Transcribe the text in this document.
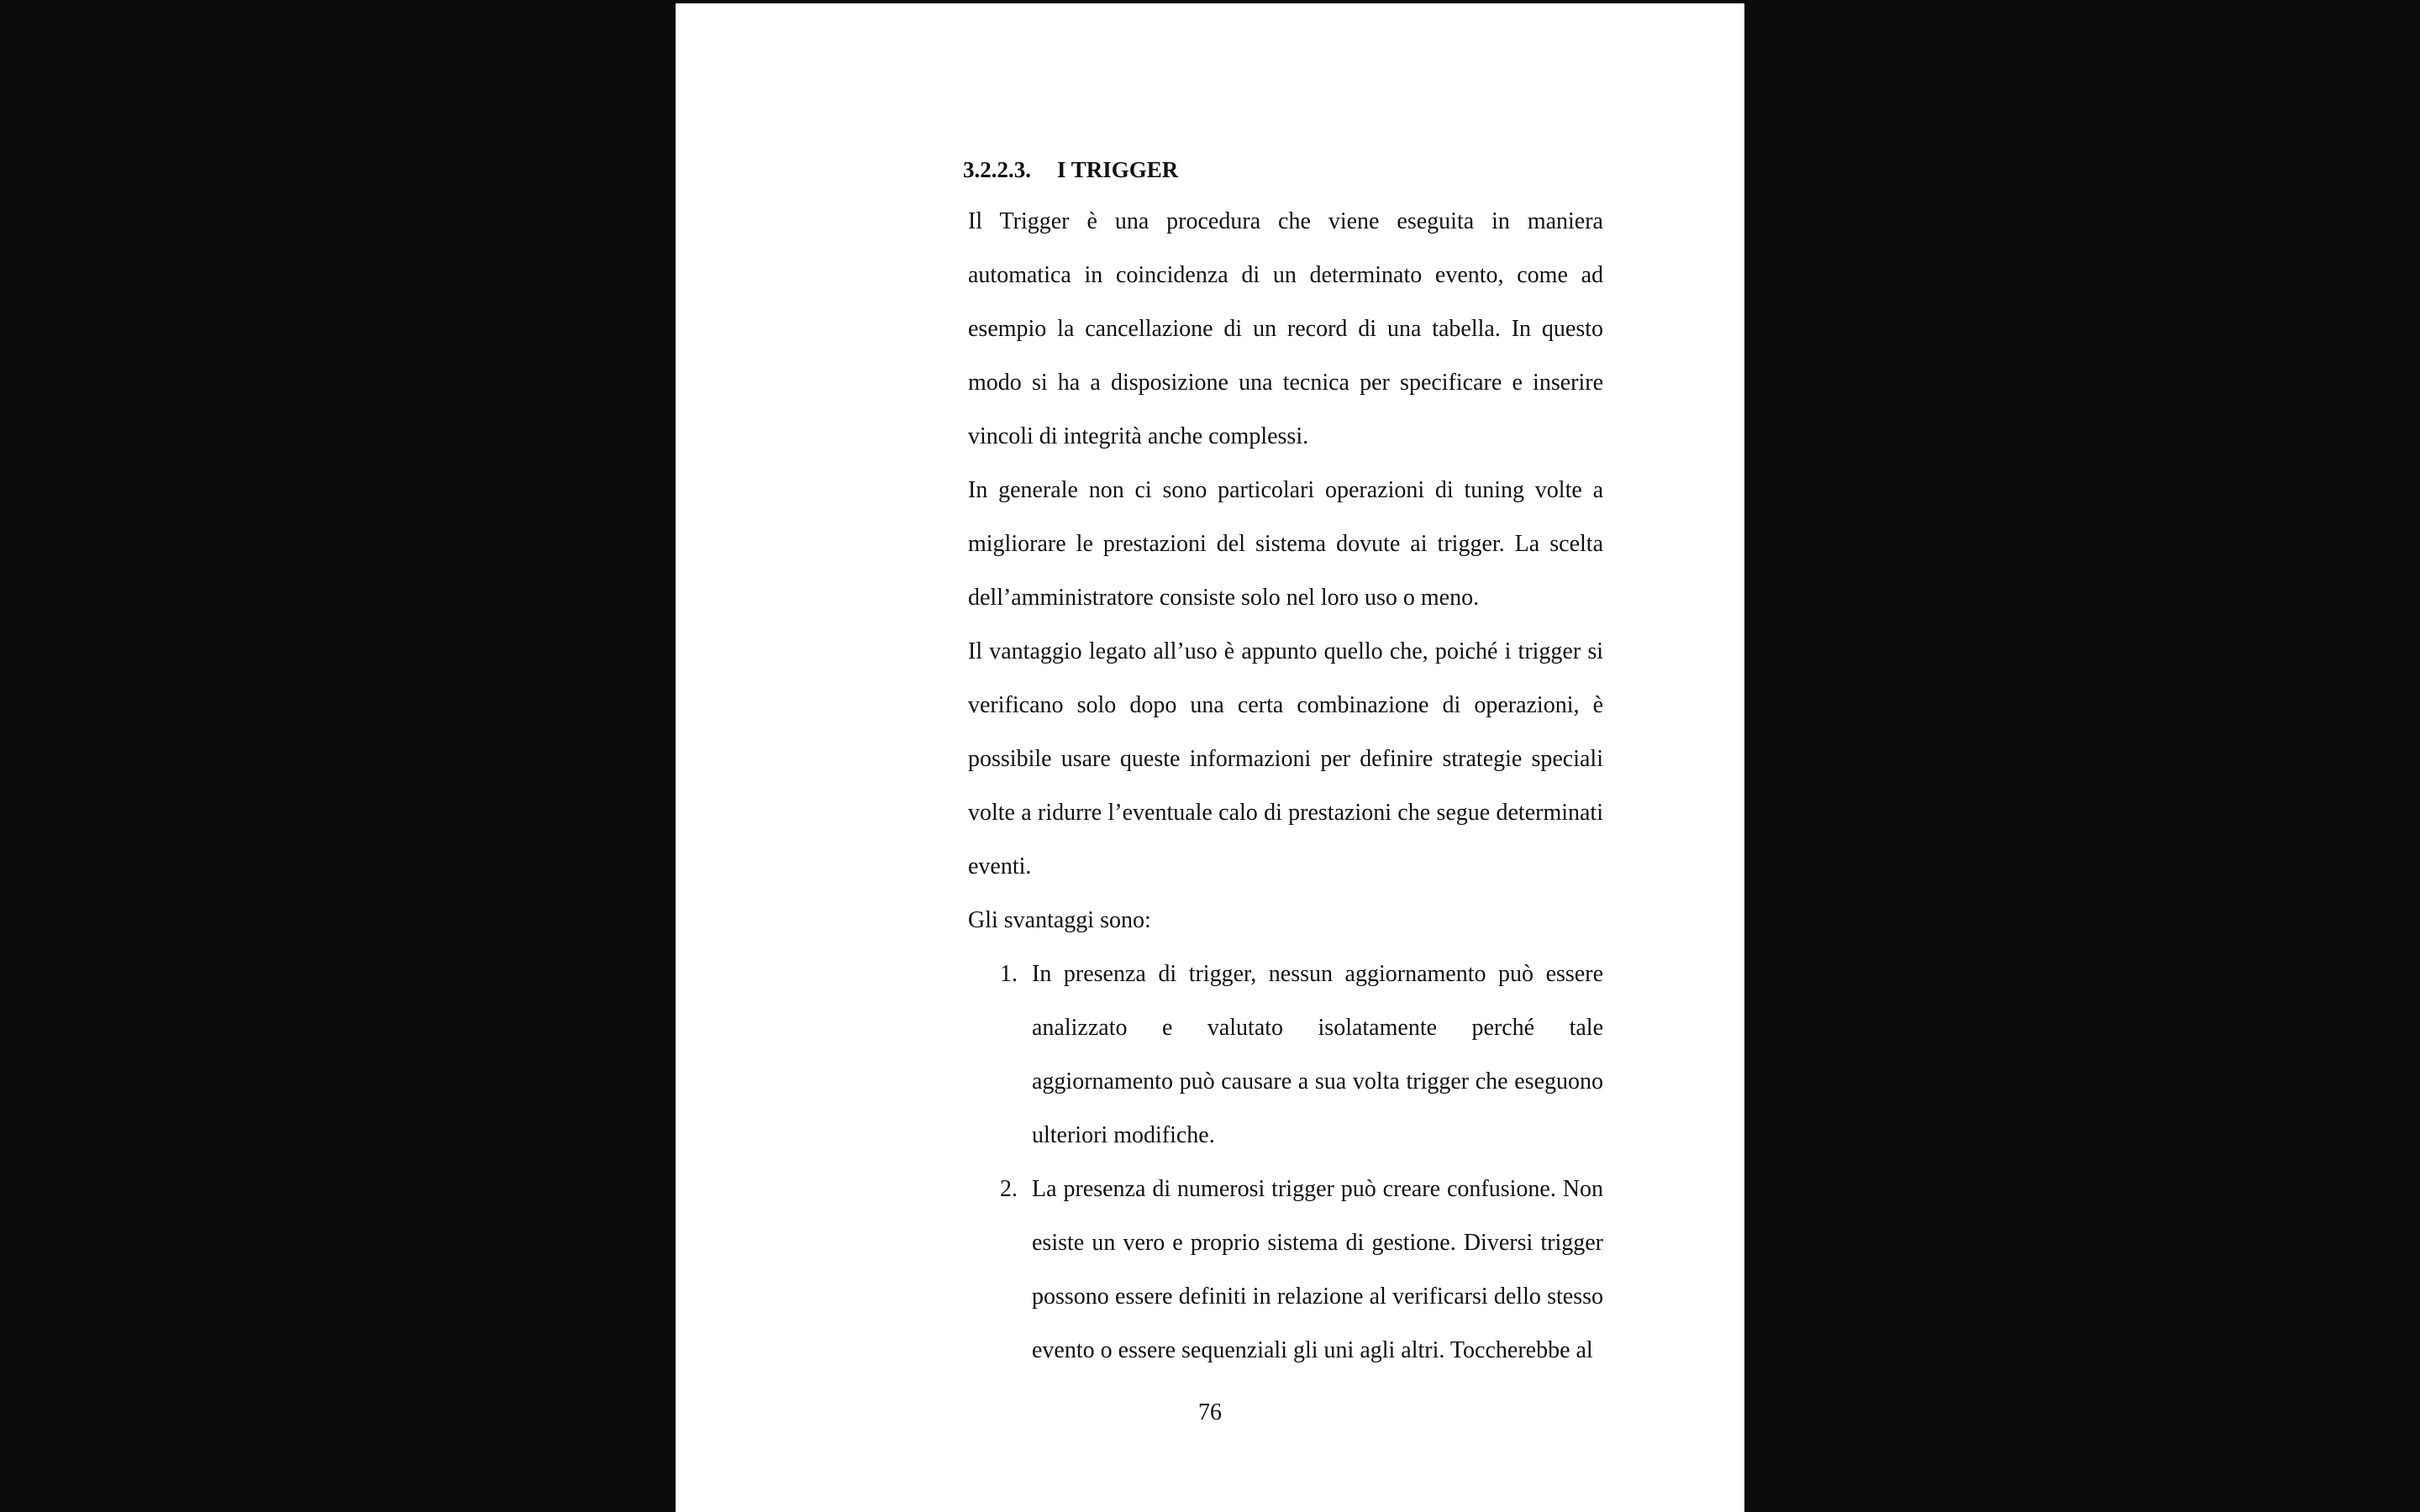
3.2.2.3. I TRIGGER

Il Trigger è una procedura che viene eseguita in maniera automatica in coincidenza di un determinato evento, come ad esempio la cancellazione di un record di una tabella. In questo modo si ha a disposizione una tecnica per specificare e inserire vincoli di integrità anche complessi.

In generale non ci sono particolari operazioni di tuning volte a migliorare le prestazioni del sistema dovute ai trigger. La scelta dell’amministratore consiste solo nel loro uso o meno.

Il vantaggio legato all’uso è appunto quello che, poiché i trigger si verificano solo dopo una certa combinazione di operazioni, è possibile usare queste informazioni per definire strategie speciali volte a ridurre l’eventuale calo di prestazioni che segue determinati eventi.

Gli svantaggi sono:

1. In presenza di trigger, nessun aggiornamento può essere analizzato e valutato isolatamente perché tale aggiornamento può causare a sua volta trigger che eseguono ulteriori modifiche.
2. La presenza di numerosi trigger può creare confusione. Non esiste un vero e proprio sistema di gestione. Diversi trigger possono essere definiti in relazione al verificarsi dello stesso evento o essere sequenziali gli uni agli altri. Toccherebbe al
76
